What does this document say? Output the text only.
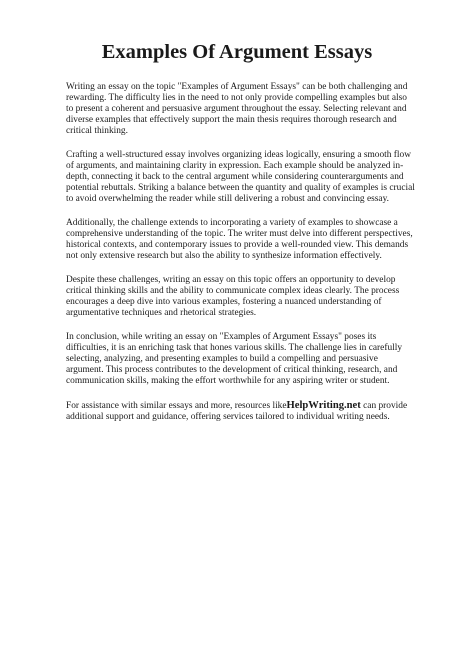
Examples Of Argument Essays

Writing an essay on the topic "Examples of Argument Essays" can be both challenging and rewarding. The difficulty lies in the need to not only provide compelling examples but also to present a coherent and persuasive argument throughout the essay. Selecting relevant and diverse examples that effectively support the main thesis requires thorough research and critical thinking.

Crafting a well-structured essay involves organizing ideas logically, ensuring a smooth flow of arguments, and maintaining clarity in expression. Each example should be analyzed in-depth, connecting it back to the central argument while considering counterarguments and potential rebuttals. Striking a balance between the quantity and quality of examples is crucial to avoid overwhelming the reader while still delivering a robust and convincing essay.

Additionally, the challenge extends to incorporating a variety of examples to showcase a comprehensive understanding of the topic. The writer must delve into different perspectives, historical contexts, and contemporary issues to provide a well-rounded view. This demands not only extensive research but also the ability to synthesize information effectively.

Despite these challenges, writing an essay on this topic offers an opportunity to develop critical thinking skills and the ability to communicate complex ideas clearly. The process encourages a deep dive into various examples, fostering a nuanced understanding of argumentative techniques and rhetorical strategies.

In conclusion, while writing an essay on "Examples of Argument Essays" poses its difficulties, it is an enriching task that hones various skills. The challenge lies in carefully selecting, analyzing, and presenting examples to build a compelling and persuasive argument. This process contributes to the development of critical thinking, research, and communication skills, making the effort worthwhile for any aspiring writer or student.

For assistance with similar essays and more, resources likeHelpWriting.net can provide additional support and guidance, offering services tailored to individual writing needs.
